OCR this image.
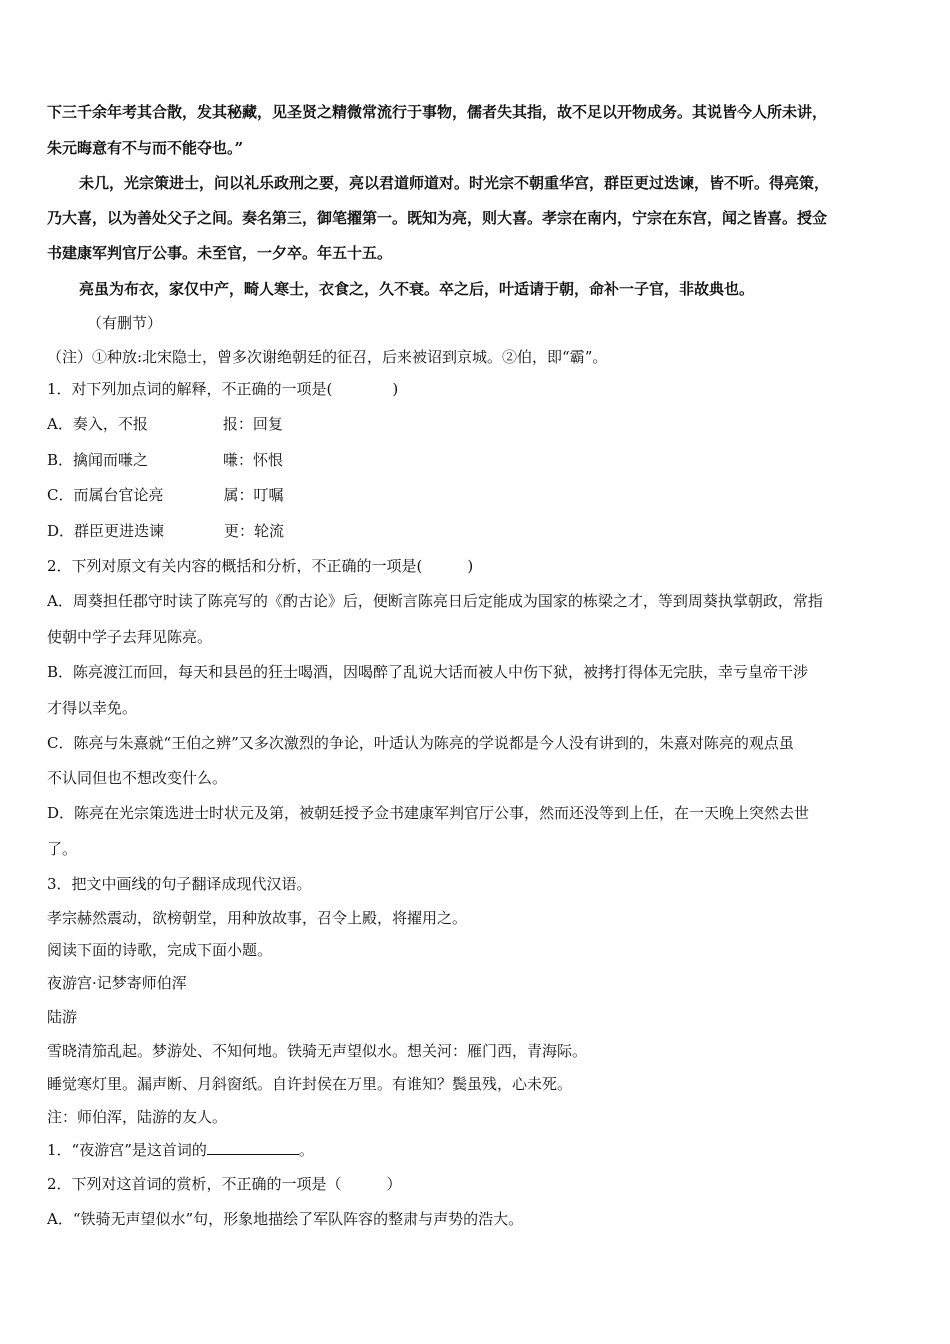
下三千余年考其合散，发其秘藏，见圣贤之精微常流行于事物，儒者失其指，故不足以开物成务。其说皆今人所未讲，
朱元晦意有不与而不能夺也。”
未几，光宗策进士，问以礼乐政刑之要，亮以君道师道对。时光宗不朝重华宫，群臣更过迭谏，皆不听。得亮策，
乃大喜，以为善处父子之间。奏名第三，御笔擢第一。既知为亮，则大喜。孝宗在南内，宁宗在东宫，闻之皆喜。授佥
书建康军判官厅公事。未至官，一夕卒。年五十五。
亮虽为布衣，家仅中产，畸人寒士，衣食之，久不衰。卒之后，叶适请于朝，命补一子官，非故典也。
（有删节）
（注）①种放:北宋隐士，曾多次谢绝朝廷的征召，后来被诏到京城。②伯，即“霸”。
1．对下列加点词的解释，不正确的一项是(　　　　)
A．奏入，不报	报：回复
B．擒闻而嗛之	嗛：怀恨
C．而属台官论亮	属：叮嘱
D．群臣更进迭谏	更：轮流
2．下列对原文有关内容的概括和分析，不正确的一项是(　　　)
A．周葵担任郡守时读了陈亮写的《酌古论》后，便断言陈亮日后定能成为国家的栋梁之才，等到周葵执掌朝政，常指
使朝中学子去拜见陈亮。
B．陈亮渡江而回，每天和县邑的狂士喝酒，因喝醉了乱说大话而被人中伤下狱，被拷打得体无完肤，幸亏皇帝干涉
才得以幸免。
C．陈亮与朱熹就“王伯之辨”又多次激烈的争论，叶适认为陈亮的学说都是今人没有讲到的，朱熹对陈亮的观点虽
不认同但也不想改变什么。
D．陈亮在光宗策选进士时状元及第，被朝廷授予佥书建康军判官厅公事，然而还没等到上任，在一天晚上突然去世
了。
3．把文中画线的句子翻译成现代汉语。
孝宗赫然震动，欲榜朝堂，用种放故事，召令上殿，将擢用之。
阅读下面的诗歌，完成下面小题。
夜游宫·记梦寄师伯浑
陆游
雪晓清笳乱起。梦游处、不知何地。铁骑无声望似水。想关河：雁门西，青海际。
睡觉寒灯里。漏声断、月斜窗纸。自许封侯在万里。有谁知？鬓虽残，心未死。
注：师伯浑，陆游的友人。
1．“夜游宫”是这首词的	。
2．下列对这首词的赏析，不正确的一项是（　　　）
A．“铁骑无声望似水”句，形象地描绘了军队阵容的整肃与声势的浩大。
